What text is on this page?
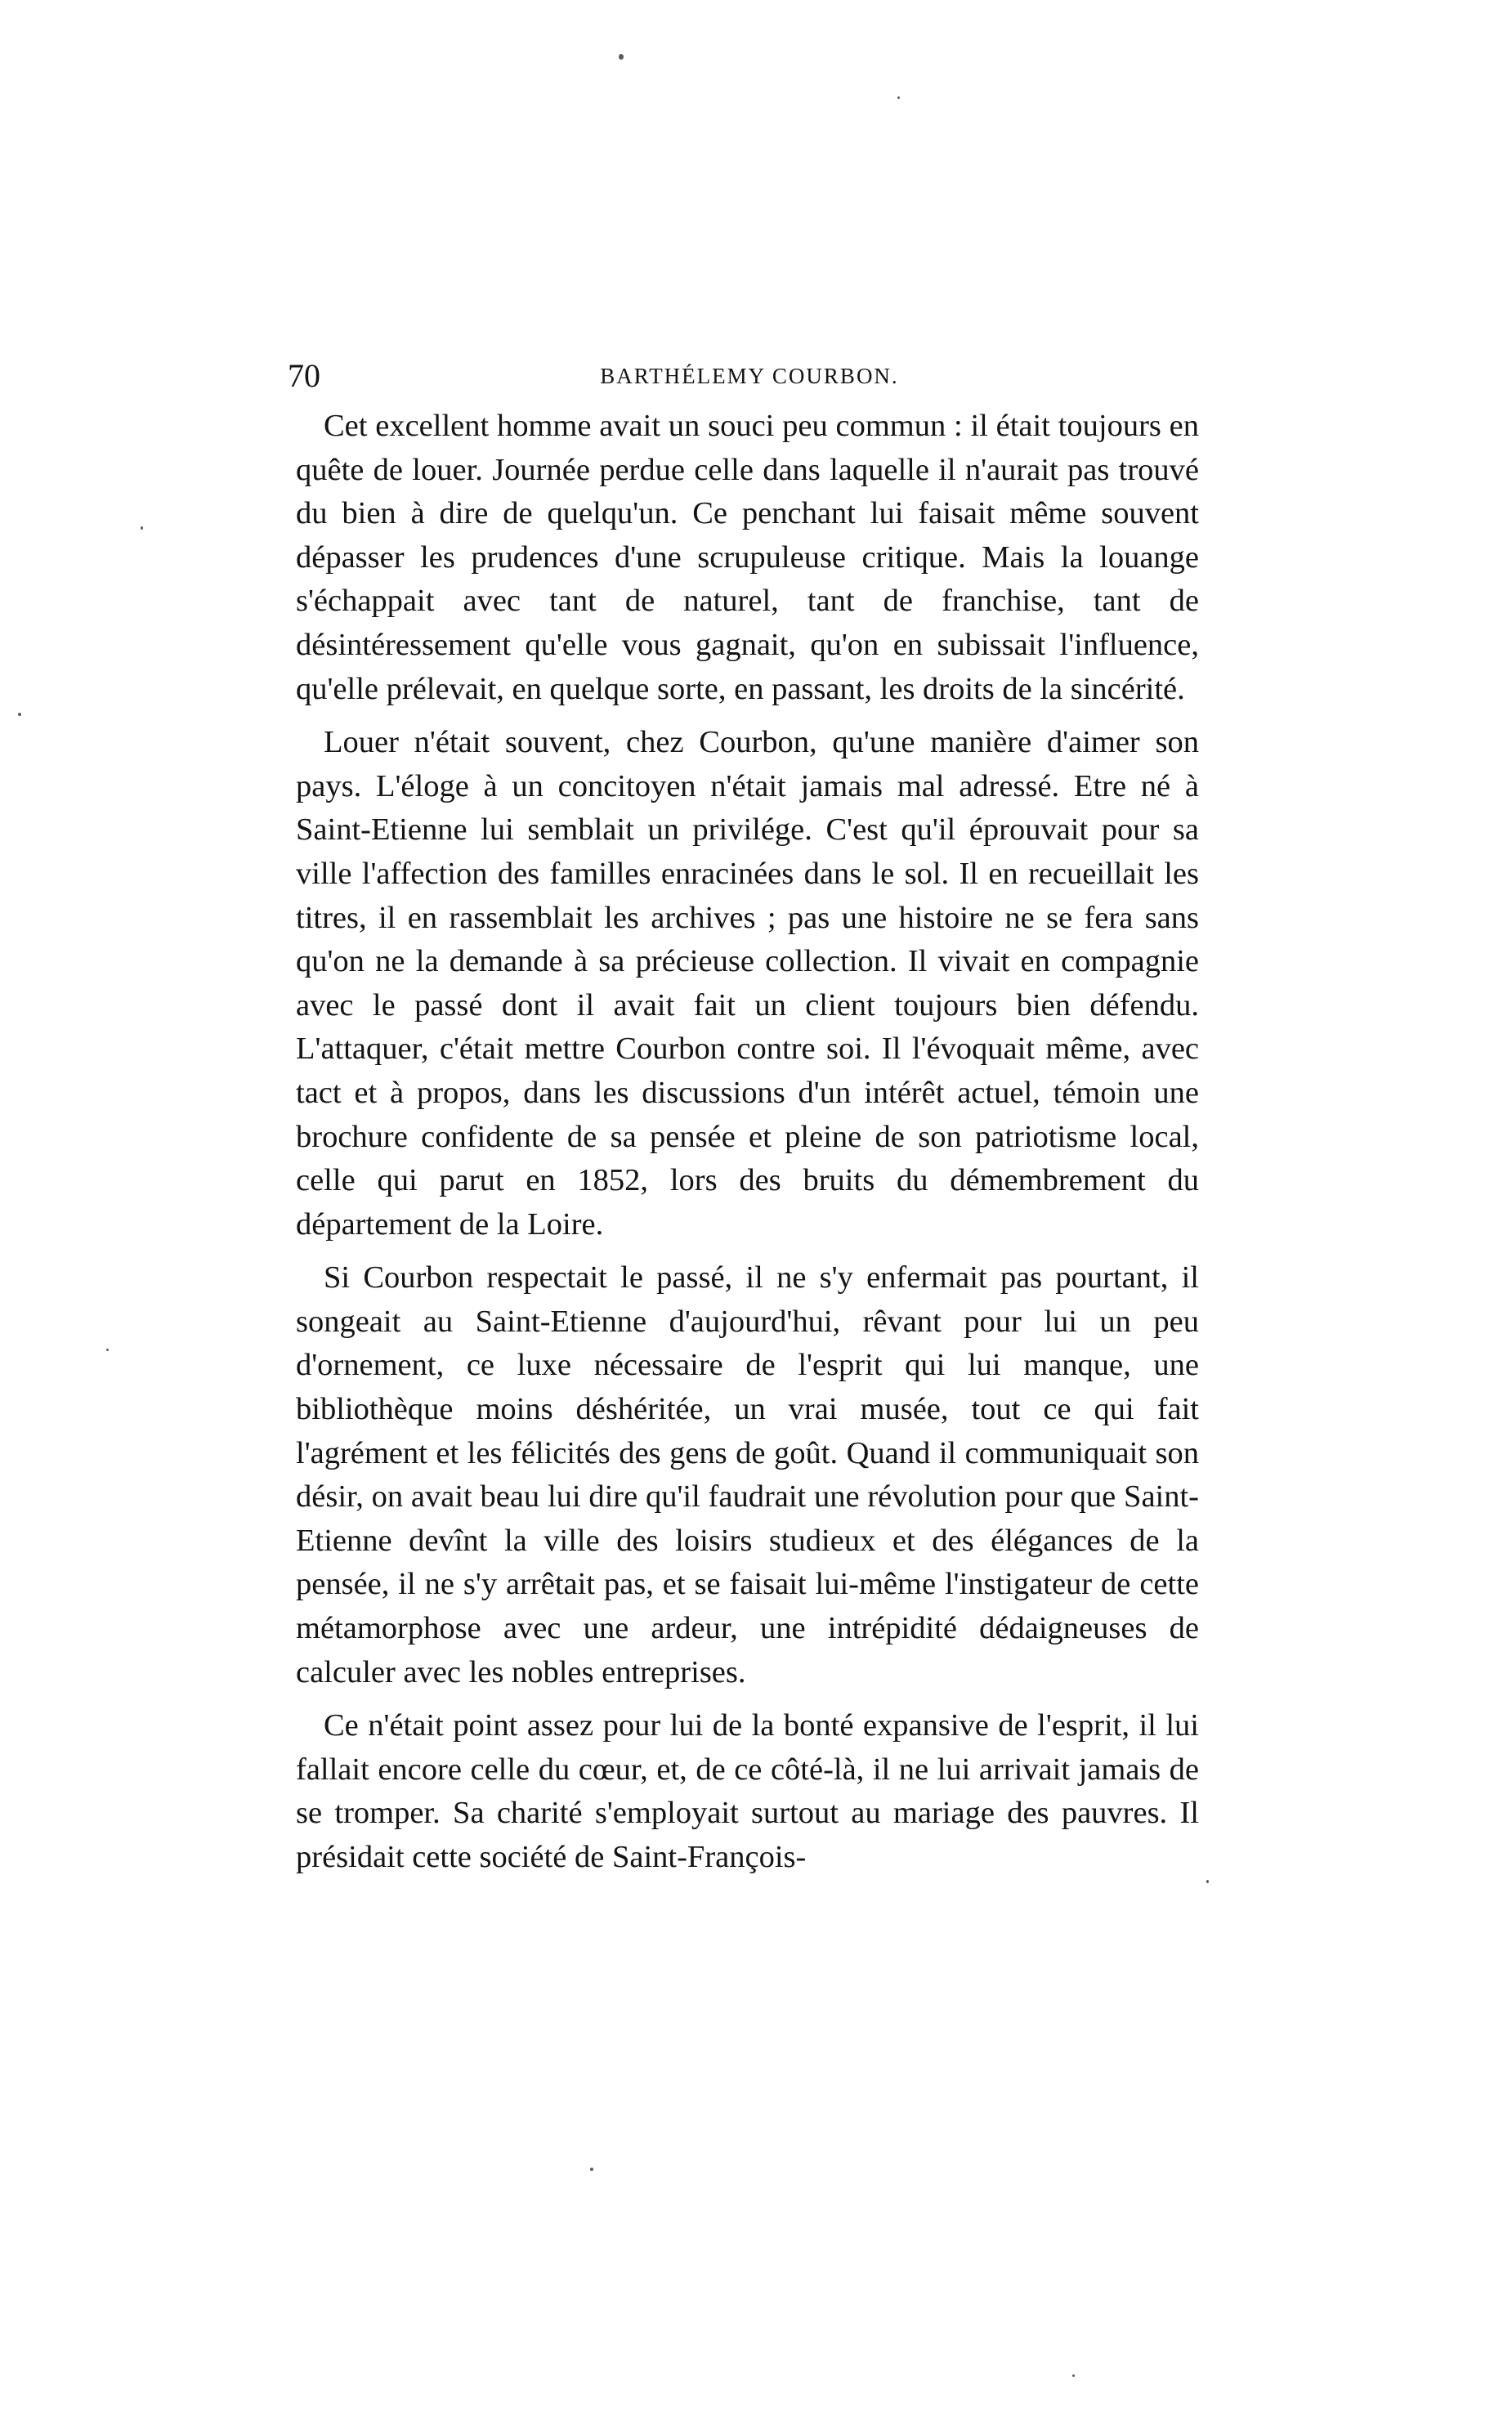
70	BARTHÉLEMY COURBON.

Cet excellent homme avait un souci peu commun : il était toujours en quête de louer. Journée perdue celle dans laquelle il n'aurait pas trouvé du bien à dire de quelqu'un. Ce penchant lui faisait même souvent dépasser les prudences d'une scrupuleuse critique. Mais la louange s'échappait avec tant de naturel, tant de franchise, tant de désintéressement qu'elle vous gagnait, qu'on en subissait l'influence, qu'elle prélevait, en quelque sorte, en passant, les droits de la sincérité.

Louer n'était souvent, chez Courbon, qu'une manière d'aimer son pays. L'éloge à un concitoyen n'était jamais mal adressé. Etre né à Saint-Etienne lui semblait un privilége. C'est qu'il éprouvait pour sa ville l'affection des familles enracinées dans le sol. Il en recueillait les titres, il en rassemblait les archives ; pas une histoire ne se fera sans qu'on ne la demande à sa précieuse collection. Il vivait en compagnie avec le passé dont il avait fait un client toujours bien défendu. L'attaquer, c'était mettre Courbon contre soi. Il l'évoquait même, avec tact et à propos, dans les discussions d'un intérêt actuel, témoin une brochure confidente de sa pensée et pleine de son patriotisme local, celle qui parut en 1852, lors des bruits du démembrement du département de la Loire.

Si Courbon respectait le passé, il ne s'y enfermait pas pourtant, il songeait au Saint-Etienne d'aujourd'hui, rêvant pour lui un peu d'ornement, ce luxe nécessaire de l'esprit qui lui manque, une bibliothèque moins déshéritée, un vrai musée, tout ce qui fait l'agrément et les félicités des gens de goût. Quand il communiquait son désir, on avait beau lui dire qu'il faudrait une révolution pour que Saint-Etienne devînt la ville des loisirs studieux et des élégances de la pensée, il ne s'y arrêtait pas, et se faisait lui-même l'instigateur de cette métamorphose avec une ardeur, une intrépidité dédaigneuses de calculer avec les nobles entreprises.

Ce n'était point assez pour lui de la bonté expansive de l'esprit, il lui fallait encore celle du cœur, et, de ce côté-là, il ne lui arrivait jamais de se tromper. Sa charité s'employait surtout au mariage des pauvres. Il présidait cette société de Saint-François-
